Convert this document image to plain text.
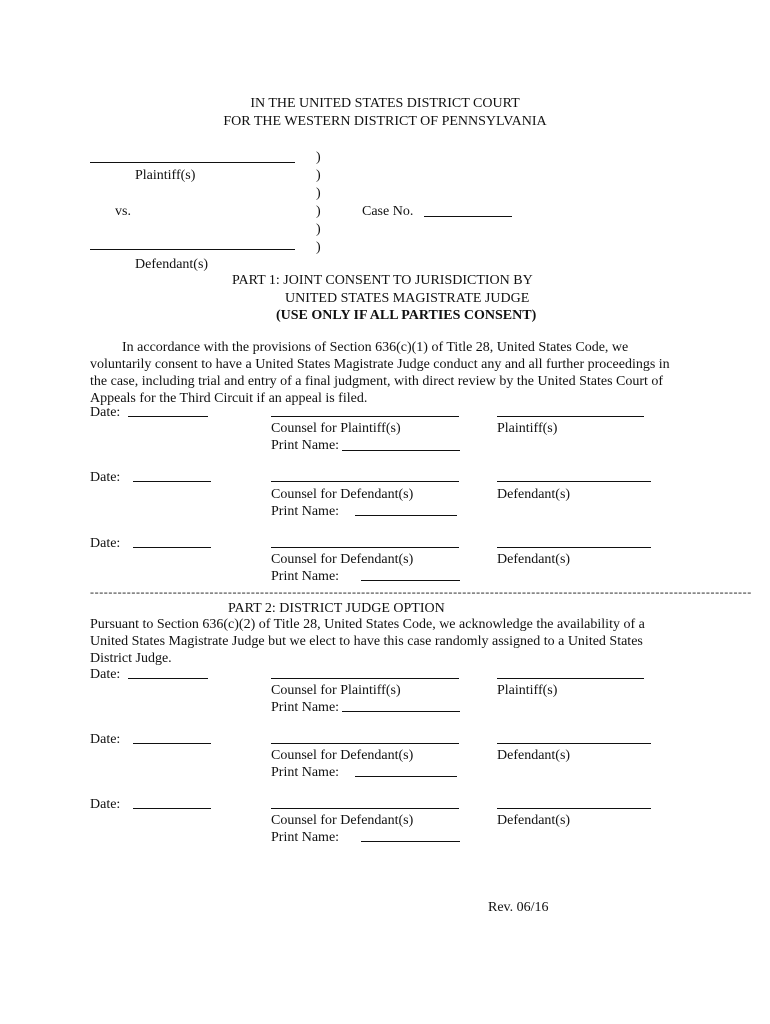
IN THE UNITED STATES DISTRICT COURT
FOR THE WESTERN DISTRICT OF PENNSYLVANIA
Plaintiff(s)
vs.
Defendant(s)
)
)
)
)
)
)
Case No.
PART 1: JOINT CONSENT TO JURISDICTION BY
UNITED STATES MAGISTRATE JUDGE
(USE ONLY IF ALL PARTIES CONSENT)
In accordance with the provisions of Section 636(c)(1) of Title 28, United States Code, we voluntarily consent to have a United States Magistrate Judge conduct any and all further proceedings in the case, including trial and entry of a final judgment, with direct review by the United States Court of Appeals for the Third Circuit if an appeal is filed.
Date:
Counsel for Plaintiff(s)	Plaintiff(s)
Print Name:
Date:
Counsel for Defendant(s)	Defendant(s)
Print Name:
Date:
Counsel for Defendant(s)	Defendant(s)
Print Name:
------------------------------------------------------------------------------------------------------------------------------------------------
PART 2: DISTRICT JUDGE OPTION
Pursuant to Section 636(c)(2) of Title 28, United States Code, we acknowledge the availability of a United States Magistrate Judge but we elect to have this case randomly assigned to a United States District Judge.
Date:
Counsel for Plaintiff(s)	Plaintiff(s)
Print Name:
Date:
Counsel for Defendant(s)	Defendant(s)
Print Name:
Date:
Counsel for Defendant(s)	Defendant(s)
Print Name:
Rev. 06/16
